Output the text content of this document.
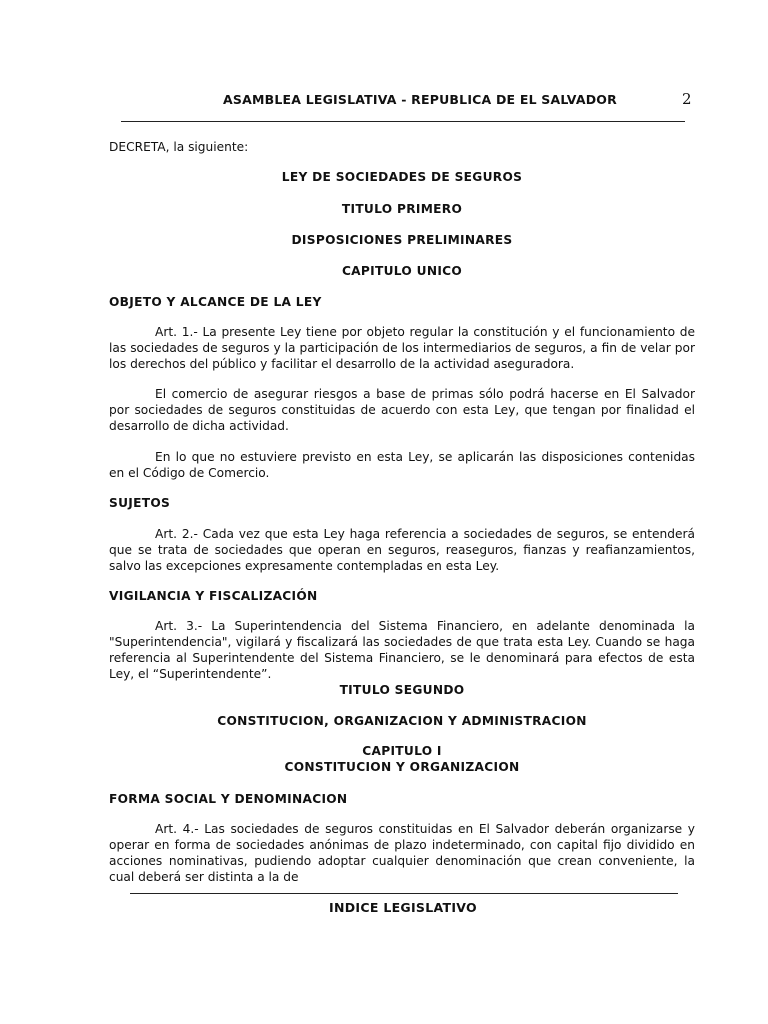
ASAMBLEA LEGISLATIVA - REPUBLICA DE EL SALVADOR	2
DECRETA, la siguiente:
LEY DE SOCIEDADES DE SEGUROS
TITULO PRIMERO
DISPOSICIONES PRELIMINARES
CAPITULO UNICO
OBJETO Y ALCANCE DE LA LEY
Art. 1.- La presente Ley tiene por objeto regular la constitución y el funcionamiento de las sociedades de seguros y la participación de los intermediarios de seguros, a fin de velar por los derechos del público y facilitar el desarrollo de la actividad aseguradora.
El comercio de asegurar riesgos a base de primas sólo podrá hacerse en El Salvador por sociedades de seguros constituidas de acuerdo con esta Ley, que tengan por finalidad el desarrollo de dicha actividad.
En lo que no estuviere previsto en esta Ley, se aplicarán las disposiciones contenidas en el Código de Comercio.
SUJETOS
Art. 2.- Cada vez que esta Ley haga referencia a sociedades de seguros, se entenderá que se trata de sociedades que operan en seguros, reaseguros, fianzas y reafianzamientos, salvo las excepciones expresamente contempladas en esta Ley.
VIGILANCIA Y FISCALIZACIÓN
Art. 3.- La Superintendencia del Sistema Financiero, en adelante denominada la "Superintendencia", vigilará y fiscalizará las sociedades de que trata esta Ley. Cuando se haga referencia al Superintendente del Sistema Financiero, se le denominará para efectos de esta Ley, el “Superintendente”.
TITULO SEGUNDO
CONSTITUCION, ORGANIZACION Y ADMINISTRACION
CAPITULO I
CONSTITUCION Y ORGANIZACION
FORMA SOCIAL Y DENOMINACION
Art. 4.- Las sociedades de seguros constituidas en El Salvador deberán organizarse y operar en forma de sociedades anónimas de plazo indeterminado, con capital fijo dividido en acciones nominativas, pudiendo adoptar cualquier denominación que crean conveniente, la cual deberá ser distinta a la de
INDICE LEGISLATIVO
